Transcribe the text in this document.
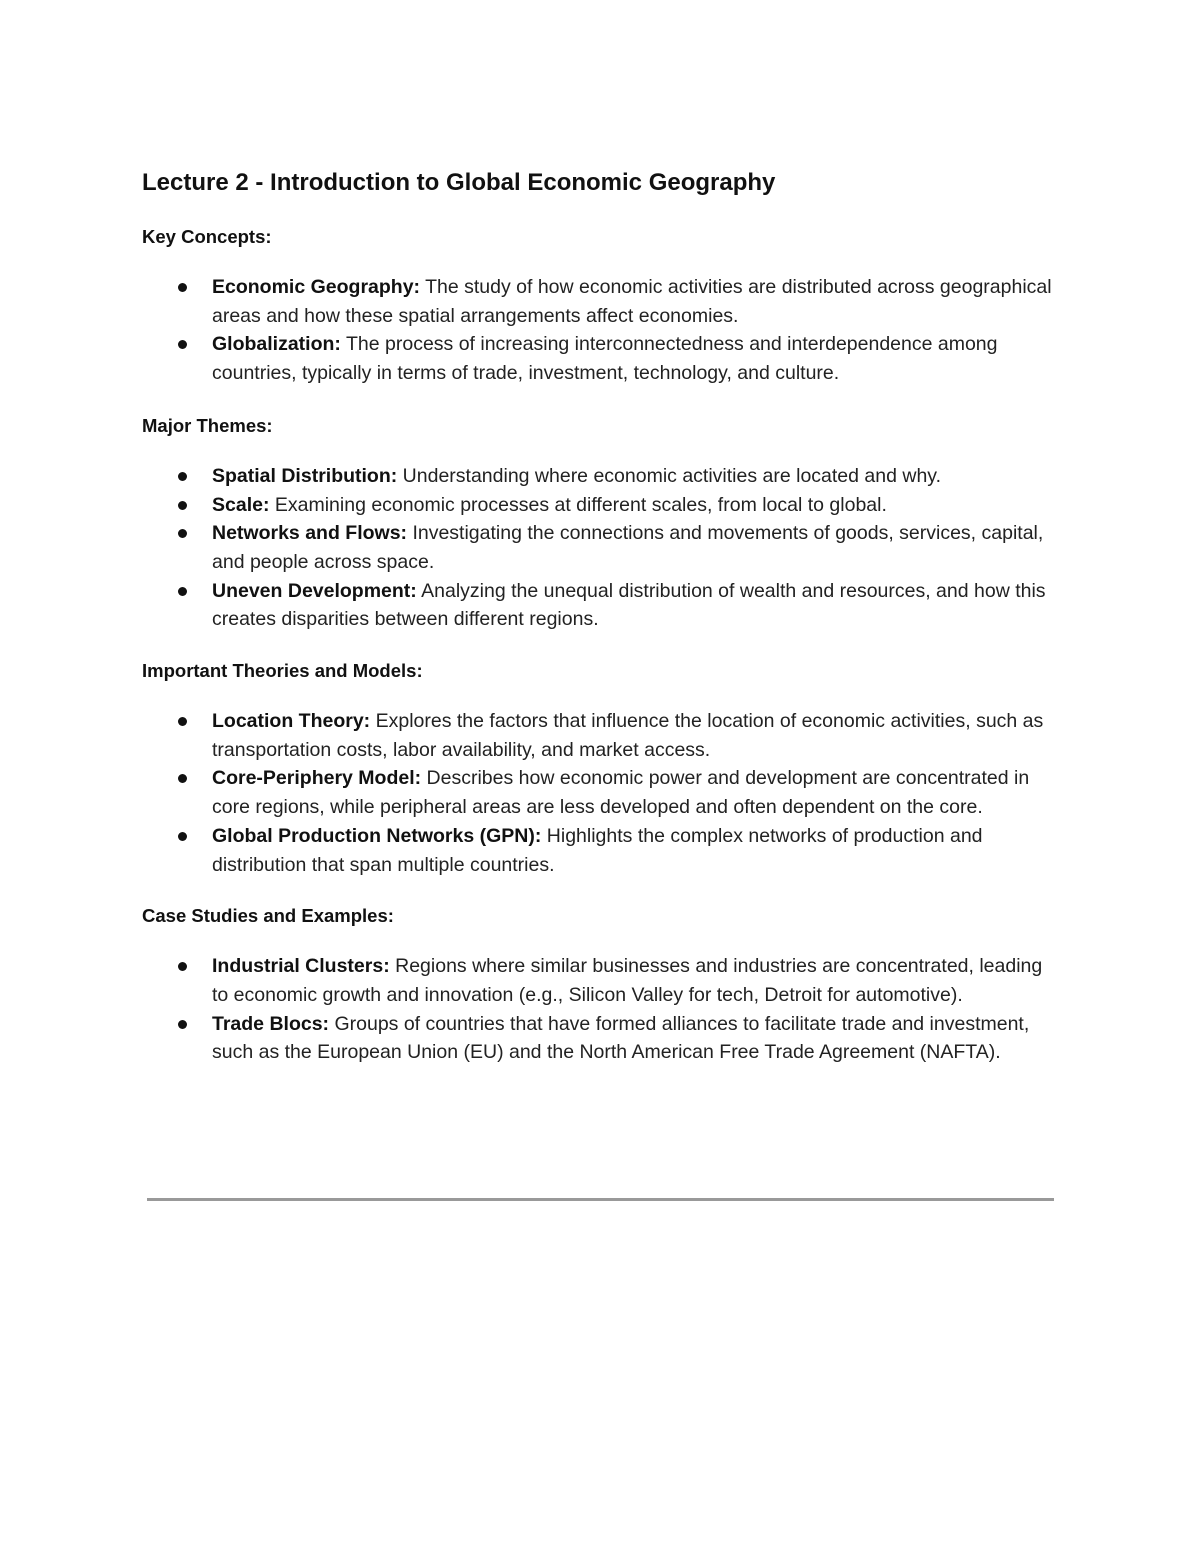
Lecture 2 - Introduction to Global Economic Geography
Key Concepts:
Economic Geography: The study of how economic activities are distributed across geographical areas and how these spatial arrangements affect economies.
Globalization: The process of increasing interconnectedness and interdependence among countries, typically in terms of trade, investment, technology, and culture.
Major Themes:
Spatial Distribution: Understanding where economic activities are located and why.
Scale: Examining economic processes at different scales, from local to global.
Networks and Flows: Investigating the connections and movements of goods, services, capital, and people across space.
Uneven Development: Analyzing the unequal distribution of wealth and resources, and how this creates disparities between different regions.
Important Theories and Models:
Location Theory: Explores the factors that influence the location of economic activities, such as transportation costs, labor availability, and market access.
Core-Periphery Model: Describes how economic power and development are concentrated in core regions, while peripheral areas are less developed and often dependent on the core.
Global Production Networks (GPN): Highlights the complex networks of production and distribution that span multiple countries.
Case Studies and Examples:
Industrial Clusters: Regions where similar businesses and industries are concentrated, leading to economic growth and innovation (e.g., Silicon Valley for tech, Detroit for automotive).
Trade Blocs: Groups of countries that have formed alliances to facilitate trade and investment, such as the European Union (EU) and the North American Free Trade Agreement (NAFTA).
